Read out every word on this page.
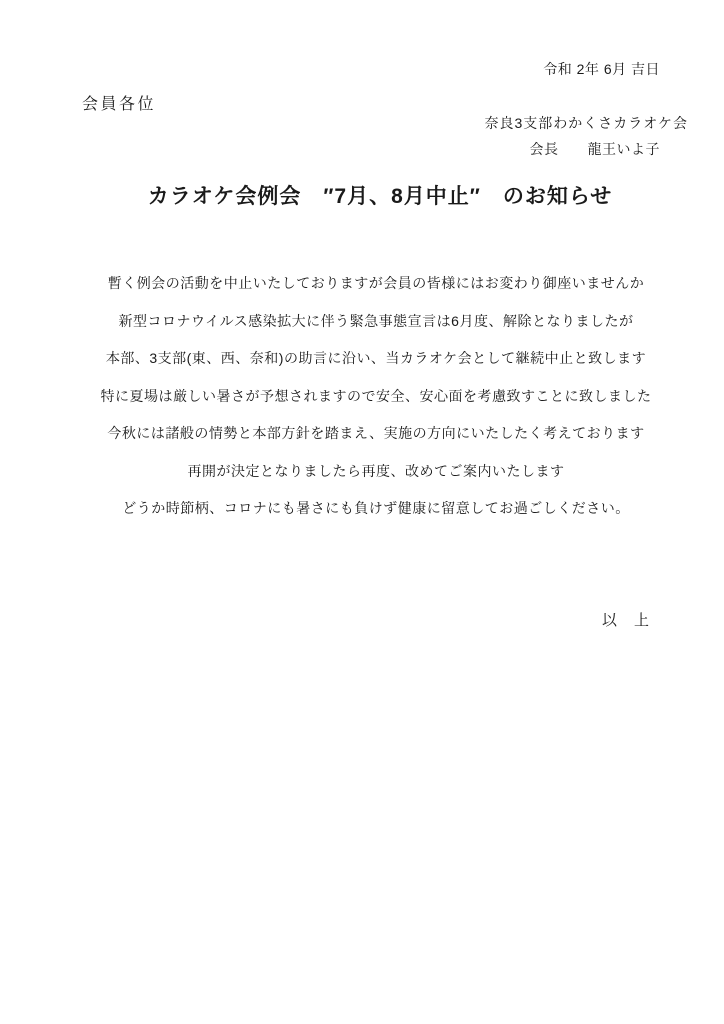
令和 2年 6月 吉日
会員各位
奈良3支部わかくさカラオケ会
会長　　龍王いよ子
カラオケ会例会　″7月、8月中止″　のお知らせ

暫く例会の活動を中止いたしておりますが会員の皆様にはお変わり御座いませんか

新型コロナウイルス感染拡大に伴う緊急事態宣言は6月度、解除となりましたが

本部、3支部(東、西、奈和)の助言に沿い、当カラオケ会として継続中止と致します

特に夏場は厳しい暑さが予想されますので安全、安心面を考慮致すことに致しました

今秋には諸般の情勢と本部方針を踏まえ、実施の方向にいたしたく考えております

再開が決定となりましたら再度、改めてご案内いたします

どうか時節柄、コロナにも暑さにも負けず健康に留意してお過ごしください。

以　上
